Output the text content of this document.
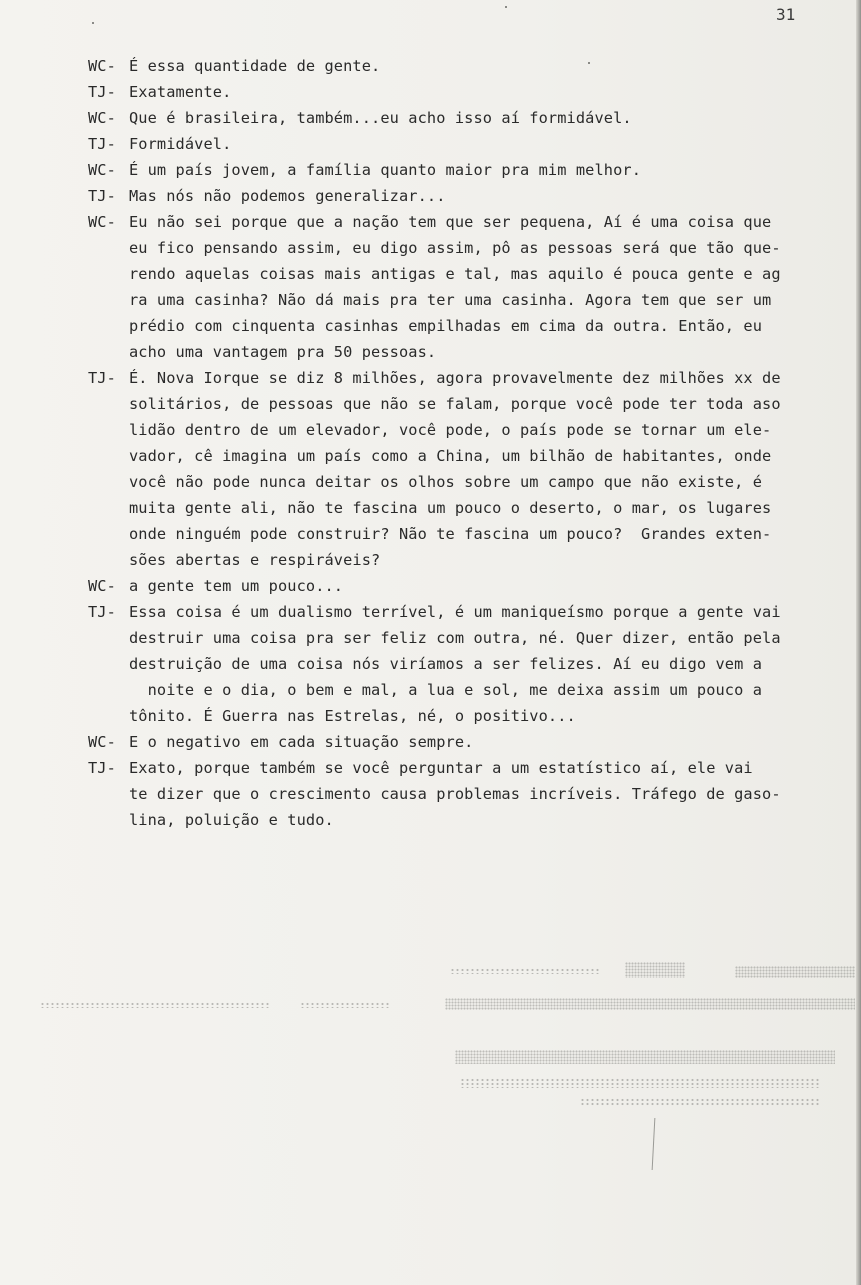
31
WC- É essa quantidade de gente.
TJ- Exatamente.
WC- Que é brasileira, também...eu acho isso aí formidável.
TJ- Formidável.
WC- É um país jovem, a família quanto maior pra mim melhor.
TJ- Mas nós não podemos generalizar...
WC- Eu não sei porque que a nação tem que ser pequena, Aí é uma coisa que
eu fico pensando assim, eu digo assim, pô as pessoas será que tão que-
rendo aquelas coisas mais antigas e tal, mas aquilo é pouca gente e ag
ra uma casinha? Não dá mais pra ter uma casinha. Agora tem que ser um
prédio com cinquenta casinhas empilhadas em cima da outra. Então, eu
acho uma vantagem pra 50 pessoas.
TJ- É. Nova Iorque se diz 8 milhões, agora provavelmente dez milhões xx de
solitários, de pessoas que não se falam, porque você pode ter toda aso
lidão dentro de um elevador, você pode, o país pode se tornar um ele-
vador, cê imagina um país como a China, um bilhão de habitantes, onde
você não pode nunca deitar os olhos sobre um campo que não existe, é
muita gente ali, não te fascina um pouco o deserto, o mar, os lugares
onde ninguém pode construir? Não te fascina um pouco?  Grandes exten-
sões abertas e respiráveis?
WC- a gente tem um pouco...
TJ- Essa coisa é um dualismo terrível, é um maniqueísmo porque a gente vai
destruir uma coisa pra ser feliz com outra, né. Quer dizer, então pela
destruição de uma coisa nós viríamos a ser felizes. Aí eu digo vem a
noite e o dia, o bem e mal, a lua e sol, me deixa assim um pouco a
tônito. É Guerra nas Estrelas, né, o positivo...
WC- E o negativo em cada situação sempre.
TJ- Exato, porque também se você perguntar a um estatístico aí, ele vai
te dizer que o crescimento causa problemas incríveis. Tráfego de gaso-
lina, poluição e tudo.
